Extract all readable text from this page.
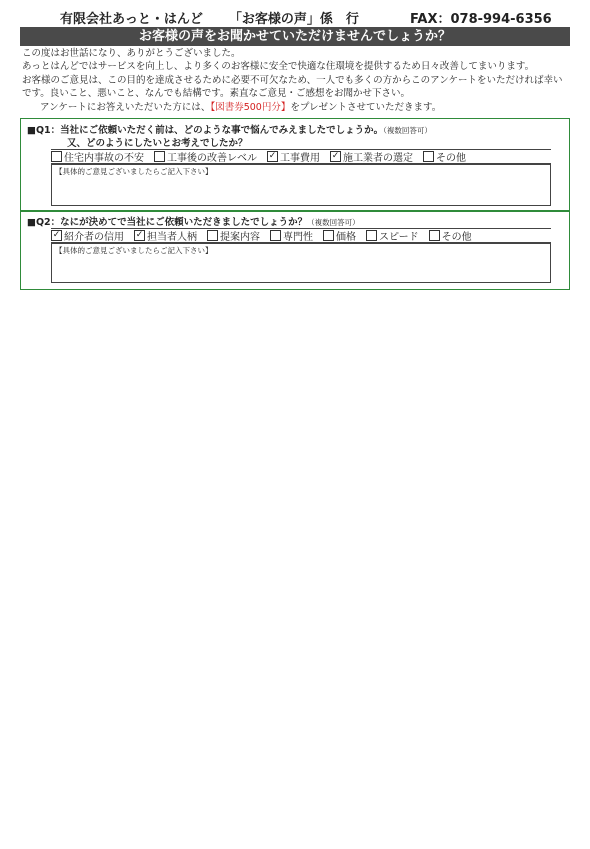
有限会社あっと・はんど 「お客様の声」係　行	FAX：078-994-6356
お客様の声をお聞かせていただけませんでしょうか？
この度はお世話になり、ありがとうございました。
あっとはんどではサービスを向上し、より多くのお客様に安全で快適な住環境を提供するため日々改善してまいります。
お客様のご意見は、この目的を達成させるために必要不可欠なため、一人でも多くの方からこのアンケートをいただければ幸いです。良いこと、悪いこと、なんでも結構です。素直なご意見・ご感想をお聞かせ下さい。
アンケートにお答えいただいた方には、【図書券500円分】をプレゼントさせていただきます。
■Q1：当社にご依頼いただく前は、どのような事で悩んでみえましたでしょうか。（複数回答可）
又、どのようにしたいとお考えでしたか？
住宅内事故の不安 工事後の改善レベル ✓ 工事費用 ✓ 施工業者の選定 その他
【具体的ご意見ございましたらご記入下さい】
■Q2：なにが決めてで当社にご依頼いただきましたでしょうか？（複数回答可）
✓ 紹介者の信用 ✓ 担当者人柄 提案内容 専門性 価格 スピード その他
【具体的ご意見ございましたらご記入下さい】
